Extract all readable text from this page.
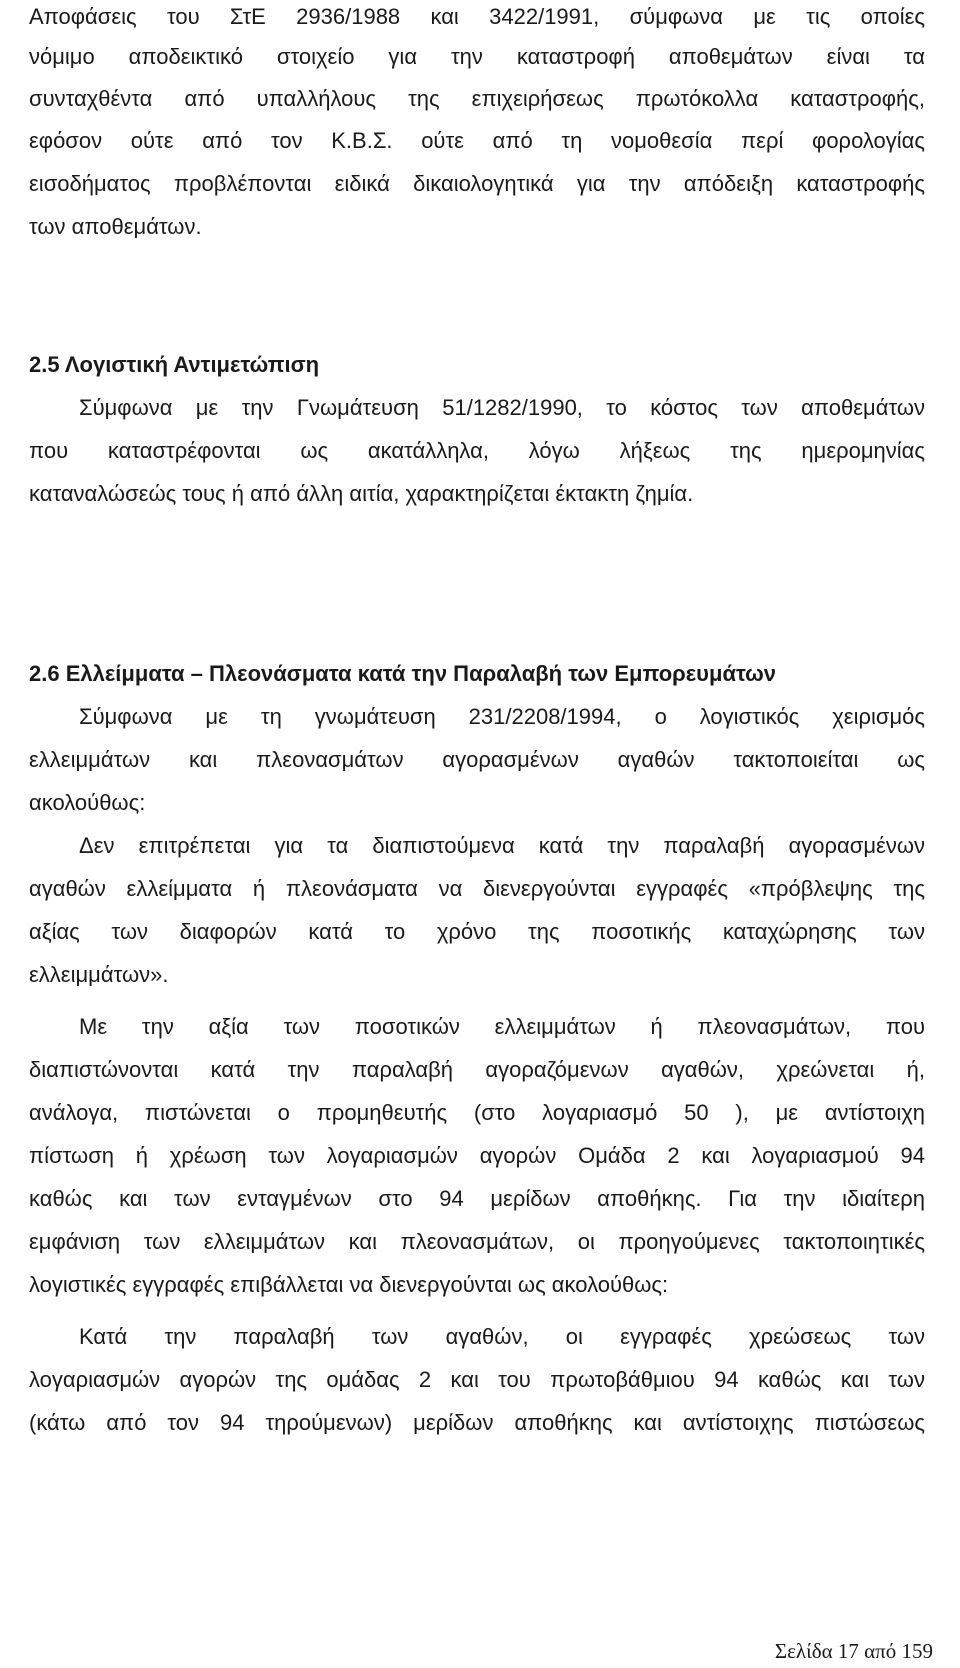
Αποφάσεις του ΣτΕ 2936/1988 και 3422/1991, σύμφωνα με τις οποίες
νόμιμο αποδεικτικό στοιχείο για την καταστροφή αποθεμάτων είναι τα
συνταχθέντα από υπαλλήλους της επιχειρήσεως πρωτόκολλα καταστροφής,
εφόσον ούτε από τον Κ.Β.Σ. ούτε από τη νομοθεσία περί φορολογίας
εισοδήματος προβλέπονται ειδικά δικαιολογητικά για την απόδειξη καταστροφής
των αποθεμάτων.
2.5 Λογιστική Αντιμετώπιση
Σύμφωνα με την Γνωμάτευση 51/1282/1990, το κόστος των αποθεμάτων
που καταστρέφονται ως ακατάλληλα, λόγω λήξεως της ημερομηνίας
καταναλώσεώς τους ή από άλλη αιτία, χαρακτηρίζεται έκτακτη ζημία.
2.6 Ελλείμματα – Πλεονάσματα κατά την Παραλαβή των Εμπορευμάτων
Σύμφωνα με τη γνωμάτευση 231/2208/1994, ο λογιστικός χειρισμός
ελλειμμάτων και πλεονασμάτων αγορασμένων αγαθών τακτοποιείται ως
ακολούθως:
Δεν επιτρέπεται για τα διαπιστούμενα κατά την παραλαβή αγορασμένων
αγαθών ελλείμματα ή πλεονάσματα να διενεργούνται εγγραφές «πρόβλεψης της
αξίας των διαφορών κατά το χρόνο της ποσοτικής καταχώρησης των
ελλειμμάτων».
Με την αξία των ποσοτικών ελλειμμάτων ή πλεονασμάτων, που
διαπιστώνονται κατά την παραλαβή αγοραζόμενων αγαθών, χρεώνεται ή,
ανάλογα, πιστώνεται ο προμηθευτής (στο λογαριασμό 50 ), με αντίστοιχη
πίστωση ή χρέωση των λογαριασμών αγορών Ομάδα 2 και λογαριασμού 94
καθώς και των ενταγμένων στο 94 μερίδων αποθήκης. Για την ιδιαίτερη
εμφάνιση των ελλειμμάτων και πλεονασμάτων, οι προηγούμενες τακτοποιητικές
λογιστικές εγγραφές επιβάλλεται να διενεργούνται ως ακολούθως:
Κατά την παραλαβή των αγαθών, οι εγγραφές χρεώσεως των
λογαριασμών αγορών της ομάδας 2 και του πρωτοβάθμιου 94 καθώς και των
(κάτω από τον 94 τηρούμενων) μερίδων αποθήκης και αντίστοιχης πιστώσεως
Σελίδα 17 από 159
